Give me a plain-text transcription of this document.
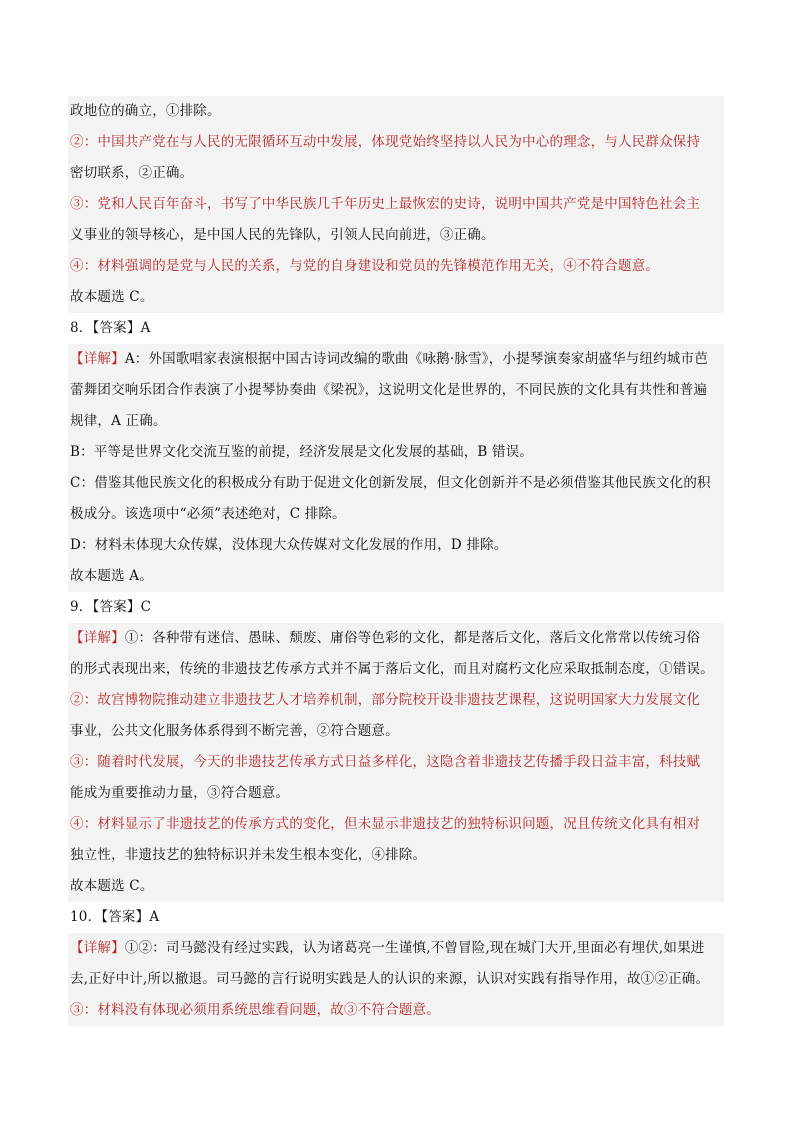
政地位的确立，①排除。
②：中国共产党在与人民的无限循环互动中发展，体现党始终坚持以人民为中心的理念，与人民群众保持
密切联系，②正确。
③：党和人民百年奋斗，书写了中华民族几千年历史上最恢宏的史诗，说明中国共产党是中国特色社会主
义事业的领导核心，是中国人民的先锋队，引领人民向前进，③正确。
④：材料强调的是党与人民的关系，与党的自身建设和党员的先锋模范作用无关，④不符合题意。
故本题选 C。
8．【答案】A
【详解】A：外国歌唱家表演根据中国古诗词改编的歌曲《咏鹅·脉雪》，小提琴演奏家胡盛华与纽约城市芭
蕾舞团交响乐团合作表演了小提琴协奏曲《梁祝》，这说明文化是世界的，不同民族的文化具有共性和普遍
规律，A 正确。
B：平等是世界文化交流互鉴的前提，经济发展是文化发展的基础，B 错误。
C：借鉴其他民族文化的积极成分有助于促进文化创新发展，但文化创新并不是必须借鉴其他民族文化的积
极成分。该选项中“必须”表述绝对，C 排除。
D：材料未体现大众传媒，没体现大众传媒对文化发展的作用，D 排除。
故本题选 A。
9．【答案】C
【详解】①：各种带有迷信、愚昧、颓废、庸俗等色彩的文化，都是落后文化，落后文化常常以传统习俗
的形式表现出来，传统的非遗技艺传承方式并不属于落后文化，而且对腐朽文化应采取抵制态度，①错误。
②：故宫博物院推动建立非遗技艺人才培养机制，部分院校开设非遗技艺课程，这说明国家大力发展文化
事业，公共文化服务体系得到不断完善，②符合题意。
③：随着时代发展，今天的非遗技艺传承方式日益多样化，这隐含着非遗技艺传播手段日益丰富，科技赋
能成为重要推动力量，③符合题意。
④：材料显示了非遗技艺的传承方式的变化，但未显示非遗技艺的独特标识问题，况且传统文化具有相对
独立性，非遗技艺的独特标识并未发生根本变化，④排除。
故本题选 C。
10．【答案】A
【详解】①②：司马懿没有经过实践，认为诸葛亮一生谨慎,不曾冒险,现在城门大开,里面必有埋伏,如果进
去,正好中计,所以撤退。司马懿的言行说明实践是人的认识的来源，认识对实践有指导作用，故①②正确。
③：材料没有体现必须用系统思维看问题，故③不符合题意。
